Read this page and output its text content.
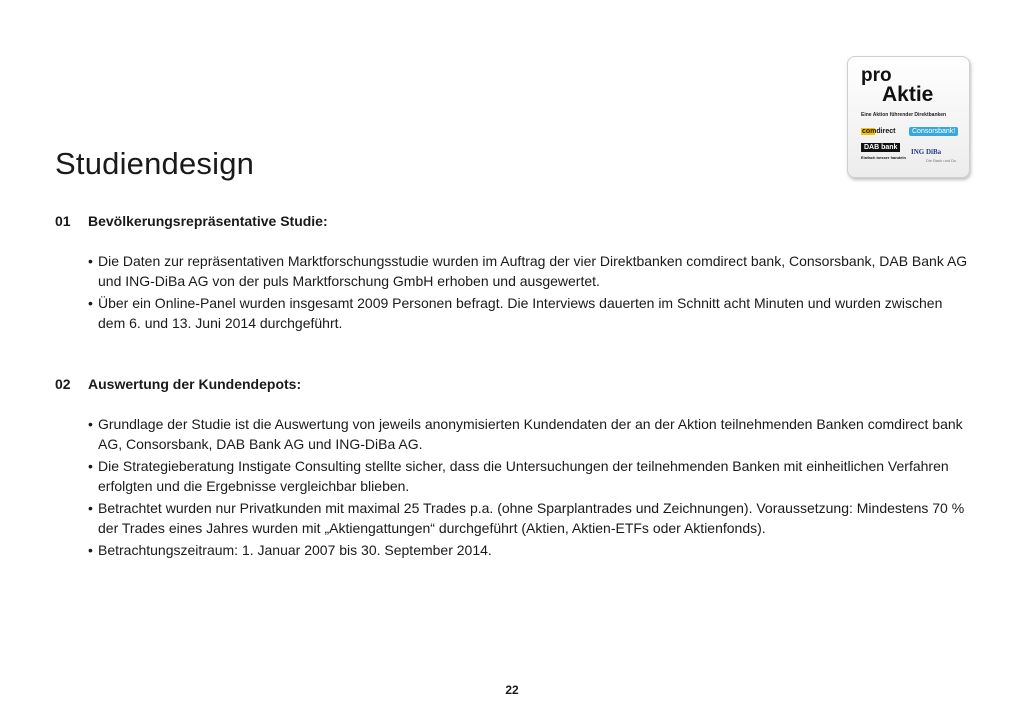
pro
Aktie
Eine Aktion führender Direktbanken
comdirect	Consorsbank!
DAB bank
Einfach besser handeln
ING DiBa
Die Bank und Du
Studiendesign
01	Bevölkerungsrepräsentative Studie:
• Die Daten zur repräsentativen Marktforschungsstudie wurden im Auftrag der vier Direktbanken comdirect bank, Consorsbank, DAB Bank AG und ING-DiBa AG von der puls Marktforschung GmbH erhoben und ausgewertet.
• Über ein Online-Panel wurden insgesamt 2009 Personen befragt. Die Interviews dauerten im Schnitt acht Minuten und wurden zwischen dem 6. und 13. Juni 2014 durchgeführt.
02	Auswertung der Kundendepots:
• Grundlage der Studie ist die Auswertung von jeweils anonymisierten Kundendaten der an der Aktion teilnehmenden Banken comdirect bank AG, Consorsbank, DAB Bank AG und ING-DiBa AG.
• Die Strategieberatung Instigate Consulting stellte sicher, dass die Untersuchungen der teilnehmenden Banken mit einheitlichen Verfahren erfolgten und die Ergebnisse vergleichbar blieben.
• Betrachtet wurden nur Privatkunden mit maximal 25 Trades p.a. (ohne Sparplantrades und Zeichnungen). Voraussetzung: Mindestens 70 % der Trades eines Jahres wurden mit „Aktiengattungen“ durchgeführt (Aktien, Aktien-ETFs oder Aktienfonds).
• Betrachtungszeitraum: 1. Januar 2007 bis 30. September 2014.
22
